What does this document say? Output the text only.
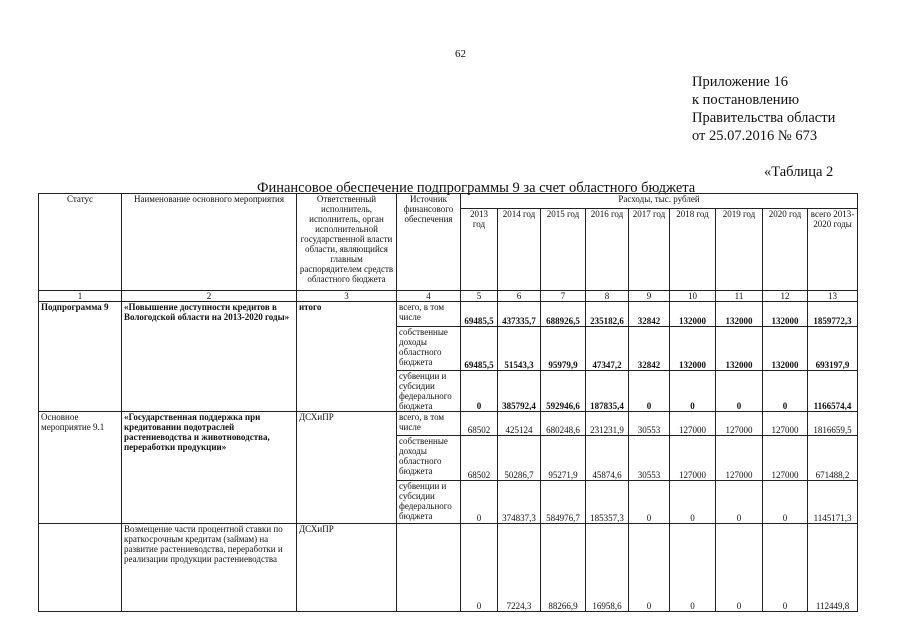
62
Приложение 16
к постановлению
Правительства области
от 25.07.2016 № 673
«Таблица 2
Финансовое обеспечение подпрограммы 9 за счет областного бюджета
Статус	Наименование основного мероприятия	Ответственный исполнитель, исполнитель, орган исполнительной государственной власти области, являющийся главным распорядителем средств областного бюджета	Источник финансового обеспечения	Расходы, тыс. рублей								
				2013 год	2014 год	2015 год	2016 год	2017 год	2018 год	2019 год	2020 год	всего 2013-2020 годы
1	2	3	4	5	6	7	8	9	10	11	12	13
Подпрограмма 9	«Повышение доступности кредитов в Вологодской области на 2013-2020 годы»	итого	всего, в том числе	69485,5	437335,7	688926,5	235182,6	32842	132000	132000	132000	1859772,3
			собственные доходы областного бюджета	69485,5	51543,3	95979,9	47347,2	32842	132000	132000	132000	693197,9
			субвенции и субсидии федерального бюджета	0	385792,4	592946,6	187835,4	0	0	0	0	1166574,4
Основное мероприятие 9.1	«Государственная поддержка при кредитовании подотраслей растениеводства и животноводства, переработки продукции»	ДСХиПР	всего, в том числе	68502	425124	680248,6	231231,9	30553	127000	127000	127000	1816659,5
			собственные доходы областного бюджета	68502	50286,7	95271,9	45874,6	30553	127000	127000	127000	671488,2
			субвенции и субсидии федерального бюджета	0	374837,3	584976,7	185357,3	0	0	0	0	1145171,3
	Возмещение части процентной ставки по краткосрочным кредитам (займам) на развитие растениеводства, переработки и реализации продукции растениеводства	ДСХиПР		0	7224,3	88266,9	16958,6	0	0	0	0	112449,8
